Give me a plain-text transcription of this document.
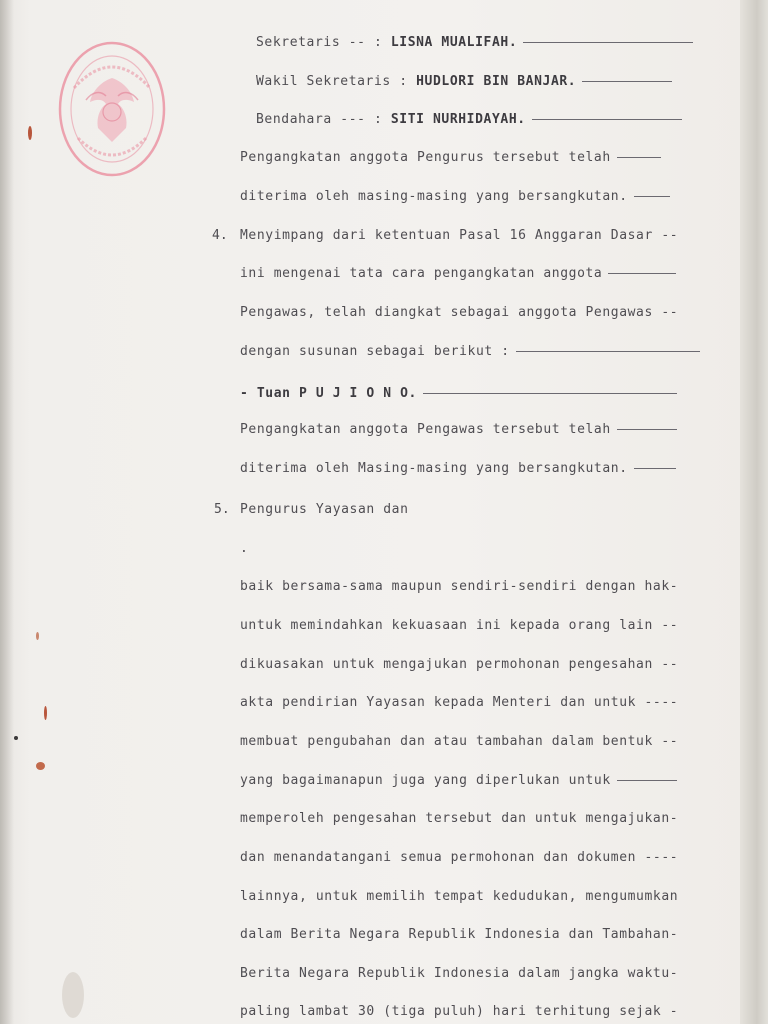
Sekretaris -- : LISNA MUALIFAH.
Wakil Sekretaris : HUDLORI BIN BANJAR.
Bendahara --- : SITI NURHIDAYAH.
Pengangkatan anggota Pengurus tersebut telah
diterima oleh masing-masing yang bersangkutan.
4. Menyimpang dari ketentuan Pasal 16 Anggaran Dasar --
ini mengenai tata cara pengangkatan anggota
Pengawas, telah diangkat sebagai anggota Pengawas --
dengan susunan sebagai berikut :
- Tuan P U J I O N O.
Pengangkatan anggota Pengawas tersebut telah
diterima oleh Masing-masing yang bersangkutan.
5. Pengurus Yayasan dan
.
baik bersama-sama maupun sendiri-sendiri dengan hak-
untuk memindahkan kekuasaan ini kepada orang lain --
dikuasakan untuk mengajukan permohonan pengesahan --
akta pendirian Yayasan kepada Menteri dan untuk ----
membuat pengubahan dan atau tambahan dalam bentuk --
yang bagaimanapun juga yang diperlukan untuk
memperoleh pengesahan tersebut dan untuk mengajukan-
dan menandatangani semua permohonan dan dokumen ----
lainnya, untuk memilih tempat kedudukan, mengumumkan
dalam Berita Negara Republik Indonesia dan Tambahan-
Berita Negara Republik Indonesia dalam jangka waktu-
paling lambat 30 (tiga puluh) hari terhitung sejak -
